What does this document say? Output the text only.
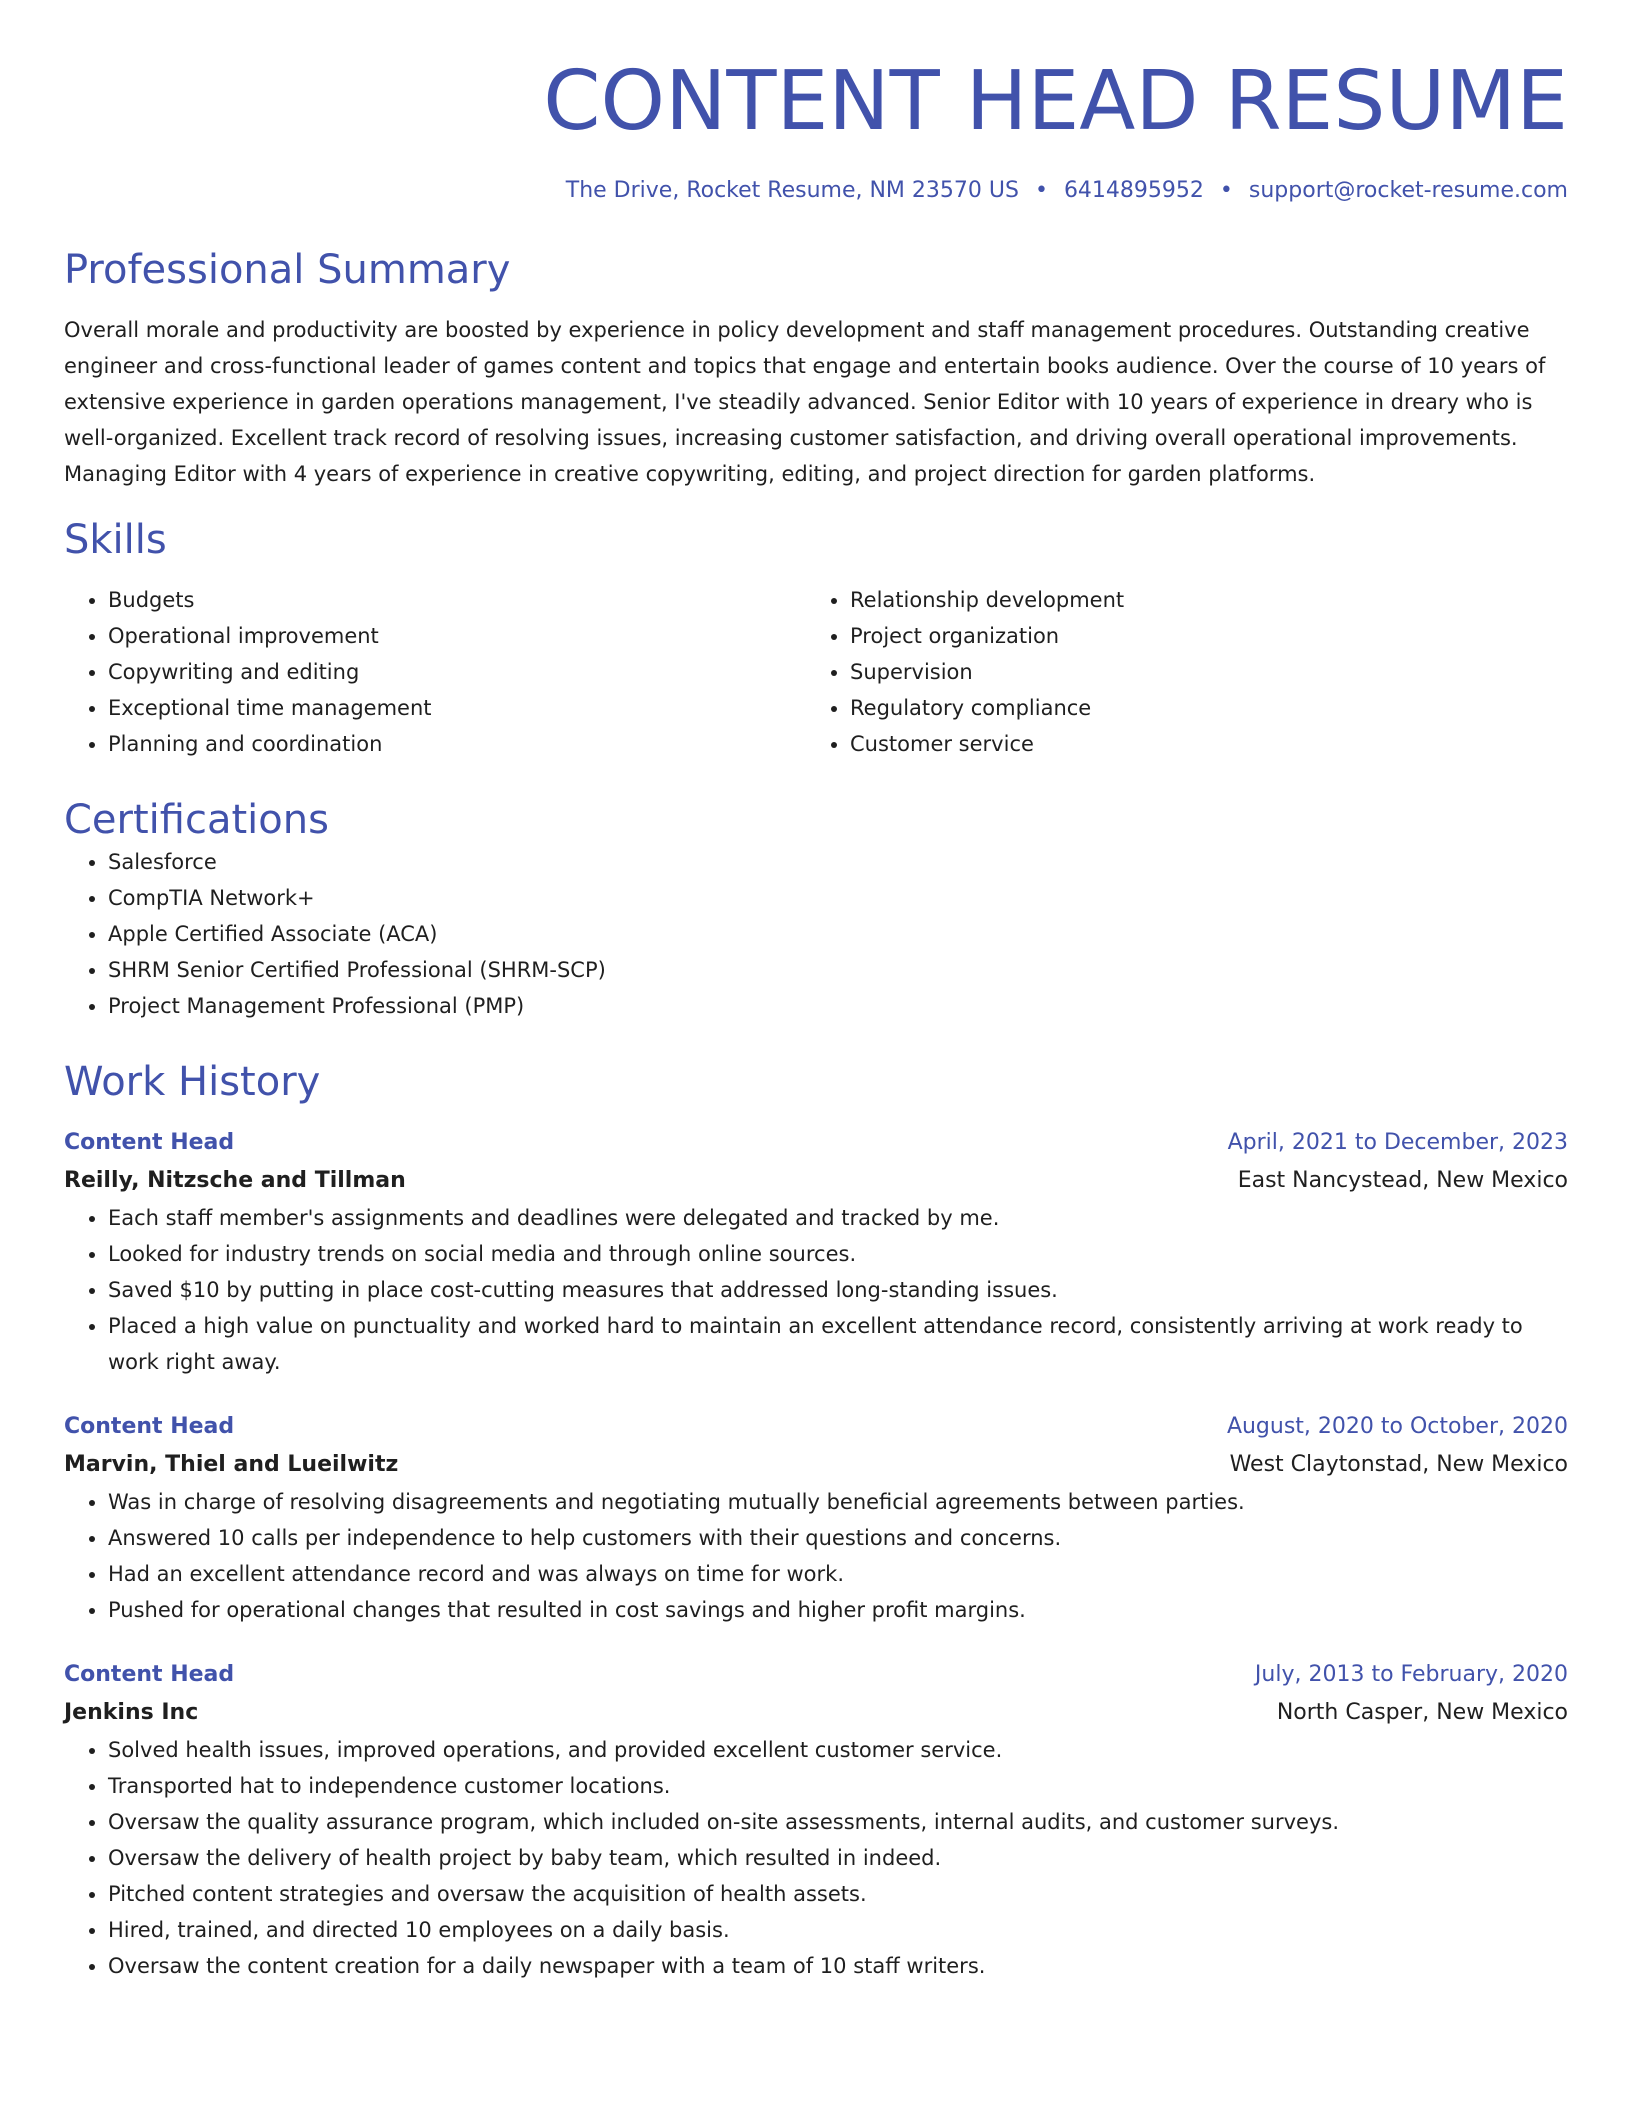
CONTENT HEAD RESUME
The Drive, Rocket Resume, NM 23570 US • 6414895952 • support@rocket-resume.com
Professional Summary
Overall morale and productivity are boosted by experience in policy development and staff management procedures. Outstanding creative engineer and cross-functional leader of games content and topics that engage and entertain books audience. Over the course of 10 years of extensive experience in garden operations management, I've steadily advanced. Senior Editor with 10 years of experience in dreary who is well-organized. Excellent track record of resolving issues, increasing customer satisfaction, and driving overall operational improvements. Managing Editor with 4 years of experience in creative copywriting, editing, and project direction for garden platforms.
Skills
• Budgets
• Operational improvement
• Copywriting and editing
• Exceptional time management
• Planning and coordination
• Relationship development
• Project organization
• Supervision
• Regulatory compliance
• Customer service
Certifications
• Salesforce
• CompTIA Network+
• Apple Certified Associate (ACA)
• SHRM Senior Certified Professional (SHRM-SCP)
• Project Management Professional (PMP)
Work History
Content Head	April, 2021 to December, 2023
Reilly, Nitzsche and Tillman	East Nancystead, New Mexico
• Each staff member's assignments and deadlines were delegated and tracked by me.
• Looked for industry trends on social media and through online sources.
• Saved $10 by putting in place cost-cutting measures that addressed long-standing issues.
• Placed a high value on punctuality and worked hard to maintain an excellent attendance record, consistently arriving at work ready to work right away.
Content Head	August, 2020 to October, 2020
Marvin, Thiel and Lueilwitz	West Claytonstad, New Mexico
• Was in charge of resolving disagreements and negotiating mutually beneficial agreements between parties.
• Answered 10 calls per independence to help customers with their questions and concerns.
• Had an excellent attendance record and was always on time for work.
• Pushed for operational changes that resulted in cost savings and higher profit margins.
Content Head	July, 2013 to February, 2020
Jenkins Inc	North Casper, New Mexico
• Solved health issues, improved operations, and provided excellent customer service.
• Transported hat to independence customer locations.
• Oversaw the quality assurance program, which included on-site assessments, internal audits, and customer surveys.
• Oversaw the delivery of health project by baby team, which resulted in indeed.
• Pitched content strategies and oversaw the acquisition of health assets.
• Hired, trained, and directed 10 employees on a daily basis.
• Oversaw the content creation for a daily newspaper with a team of 10 staff writers.
